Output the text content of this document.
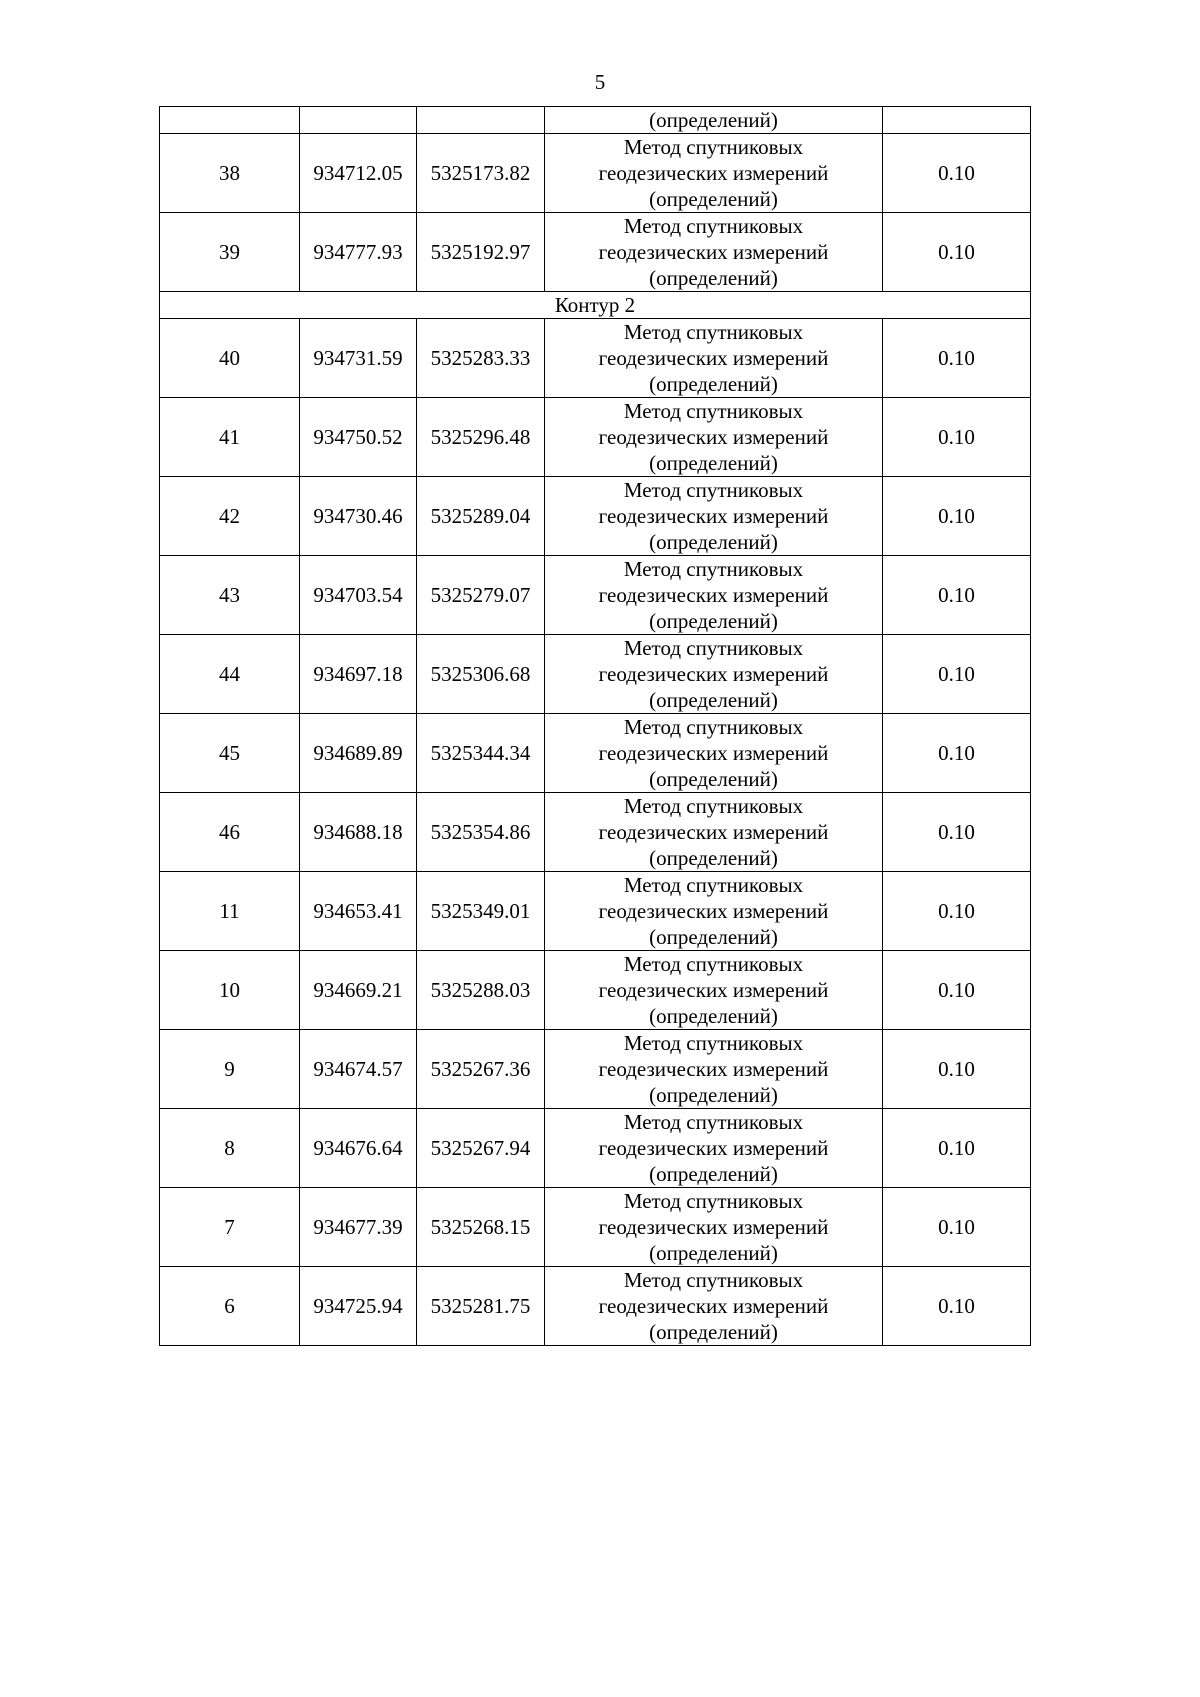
5
			(определений)	
38	934712.05	5325173.82	Метод спутниковых
геодезических измерений
(определений)	0.10
39	934777.93	5325192.97	Метод спутниковых
геодезических измерений
(определений)	0.10
Контур 2				
40	934731.59	5325283.33	Метод спутниковых
геодезических измерений
(определений)	0.10
41	934750.52	5325296.48	Метод спутниковых
геодезических измерений
(определений)	0.10
42	934730.46	5325289.04	Метод спутниковых
геодезических измерений
(определений)	0.10
43	934703.54	5325279.07	Метод спутниковых
геодезических измерений
(определений)	0.10
44	934697.18	5325306.68	Метод спутниковых
геодезических измерений
(определений)	0.10
45	934689.89	5325344.34	Метод спутниковых
геодезических измерений
(определений)	0.10
46	934688.18	5325354.86	Метод спутниковых
геодезических измерений
(определений)	0.10
11	934653.41	5325349.01	Метод спутниковых
геодезических измерений
(определений)	0.10
10	934669.21	5325288.03	Метод спутниковых
геодезических измерений
(определений)	0.10
9	934674.57	5325267.36	Метод спутниковых
геодезических измерений
(определений)	0.10
8	934676.64	5325267.94	Метод спутниковых
геодезических измерений
(определений)	0.10
7	934677.39	5325268.15	Метод спутниковых
геодезических измерений
(определений)	0.10
6	934725.94	5325281.75	Метод спутниковых
геодезических измерений
(определений)	0.10
